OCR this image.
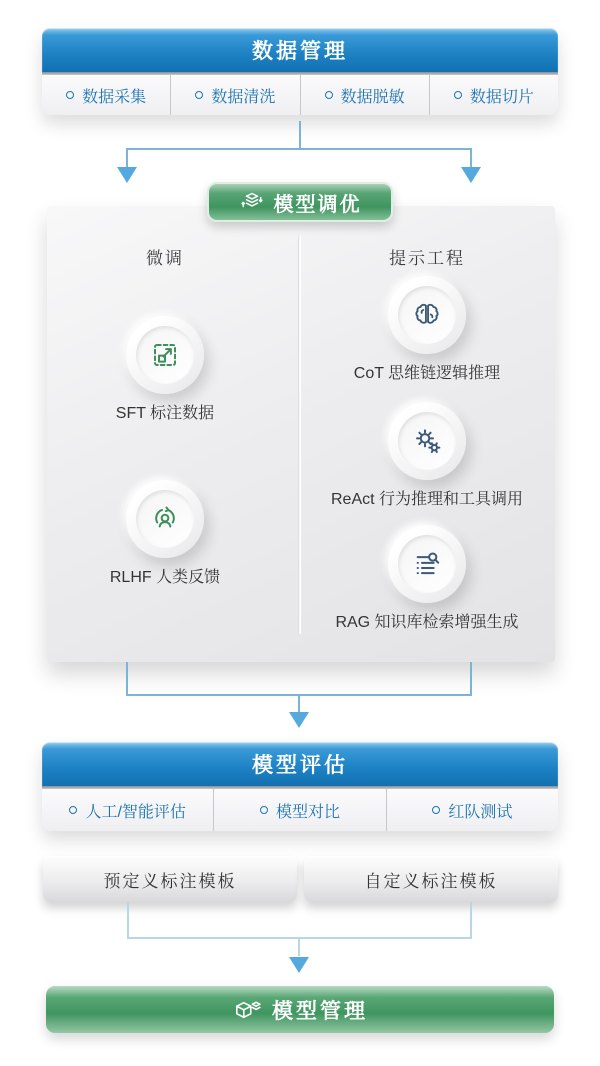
数据管理
数据采集	数据清洗	数据脱敏	数据切片
模型调优
微调	提示工程
SFT 标注数据
RLHF 人类反馈
CoT 思维链逻辑推理
ReAct 行为推理和工具调用
RAG 知识库检索增强生成
模型评估
人工/智能评估	模型对比	红队测试
预定义标注模板	自定义标注模板
模型管理
